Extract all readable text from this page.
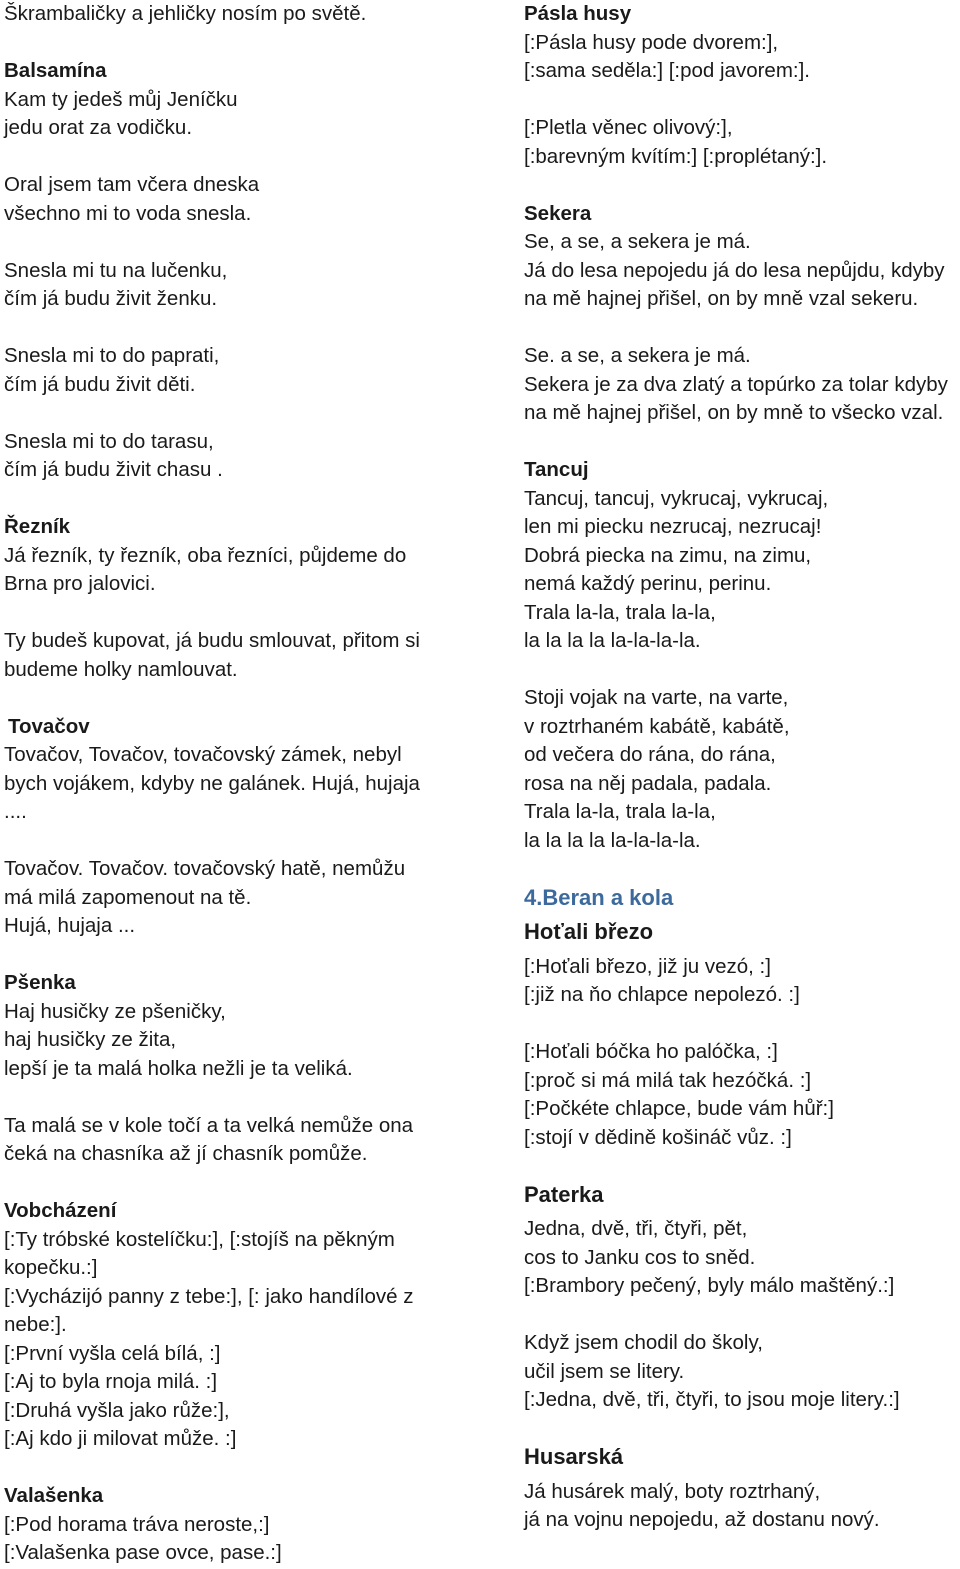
Škrambaličky a jehličky nosím po světě.
Balsamína
Kam ty jedeš můj Jeníčku
jedu orat za vodičku.
Oral jsem tam včera dneska
všechno mi to voda snesla.
Snesla mi tu na lučenku,
čím já budu živit ženku.
Snesla mi to do paprati,
čím já budu živit děti.
Snesla mi to do tarasu,
čím já budu živit chasu .
Řezník
Já řezník, ty řezník, oba řezníci, půjdeme do
Brna pro jalovici.
Ty budeš kupovat, já budu smlouvat, přitom si
budeme holky namlouvat.
Tovačov
Tovačov, Tovačov, tovačovský zámek, nebyl
bych vojákem, kdyby ne galánek. Hujá, hujaja
....
Tovačov. Tovačov. tovačovský hatě, nemůžu
má milá zapomenout na tě.
Hujá, hujaja ...
Pšenka
Haj husičky ze pšeničky,
haj husičky ze žita,
lepší je ta malá holka nežli je ta veliká.
Ta malá se v kole točí a ta velká nemůže ona
čeká na chasníka až jí chasník pomůže.
Vobcházení
[:Ty tróbské kostelíčku:], [:stojíš na pěkným
kopečku.:]
[:Vycházijó panny z tebe:], [: jako handílové z
nebe:].
[:První vyšla celá bílá, :]
[:Aj to byla rnoja milá. :]
[:Druhá vyšla jako růže:],
[:Aj kdo ji milovat může. :]
Valašenka
[:Pod horama tráva neroste,:]
[:Valašenka pase ovce, pase.:]
Pásla husy
[:Pásla husy pode dvorem:],
[:sama seděla:] [:pod javorem:].
[:Pletla věnec olivový:],
[:barevným kvítím:] [:proplétaný:].
Sekera
Se, a se, a sekera je má.
Já do lesa nepojedu já do lesa nepůjdu, kdyby
na mě hajnej přišel, on by mně vzal sekeru.
Se. a se, a sekera je má.
Sekera je za dva zlatý a topúrko za tolar kdyby
na mě hajnej přišel, on by mně to všecko vzal.
Tancuj
Tancuj, tancuj, vykrucaj, vykrucaj,
len mi piecku nezrucaj, nezrucaj!
Dobrá piecka na zimu, na zimu,
nemá každý perinu, perinu.
Trala la-la, trala la-la,
la la la la la-la-la-la.
Stoji vojak na varte, na varte,
v roztrhaném kabátě, kabátě,
od večera do rána, do rána,
rosa na něj padala, padala.
Trala la-la, trala la-la,
la la la la la-la-la-la.
4.Beran a kola
Hoťali březo
[:Hoťali březo, již ju vezó, :]
[:již na ňo chlapce nepolezó. :]
[:Hoťali bóčka ho palóčka, :]
[:proč si má milá tak hezóčká. :]
[:Počkéte chlapce, bude vám hůř:]
[:stojí v dědině košináč vůz. :]
Paterka
Jedna, dvě, tři, čtyři, pět,
cos to Janku cos to sněd.
[:Brambory pečený, byly málo maštěný.:]
Když jsem chodil do školy,
učil jsem se litery.
[:Jedna, dvě, tři, čtyři, to jsou moje litery.:]
Husarská
Já husárek malý, boty roztrhaný,
já na vojnu nepojedu, až dostanu nový.
